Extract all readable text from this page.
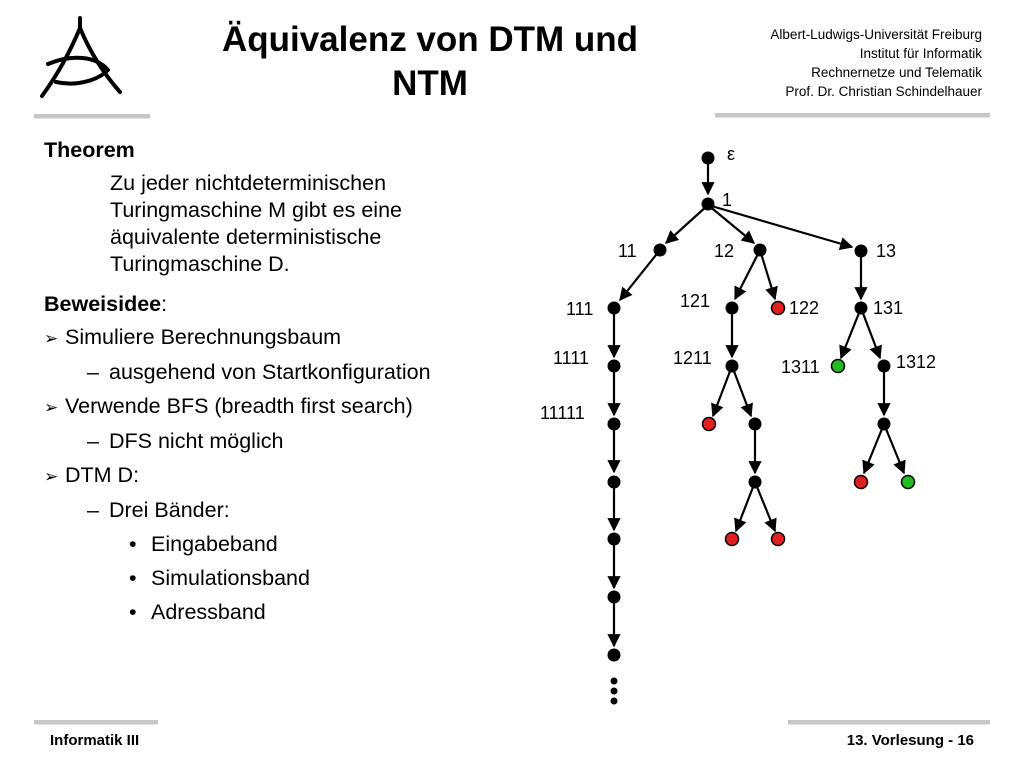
Äquivalenz von DTM und
NTM
Albert-Ludwigs-Universität Freiburg
Institut für Informatik
Rechnernetze und Telematik
Prof. Dr. Christian Schindelhauer
Theorem
Zu jeder nichtdeterminischen
Turingmaschine M gibt es eine
äquivalente deterministische
Turingmaschine D.
Beweisidee:
➢ Simuliere Berechnungsbaum
– ausgehend von Startkonfiguration
➢ Verwende BFS (breadth first search)
– DFS nicht möglich
➢ DTM D:
– Drei Bänder:
• Eingabeband
• Simulationsband
• Adressband
ε
1
11	12	13
111	121	122	131
1111	1211	1311	1312
11111
Informatik III	13. Vorlesung - 16
